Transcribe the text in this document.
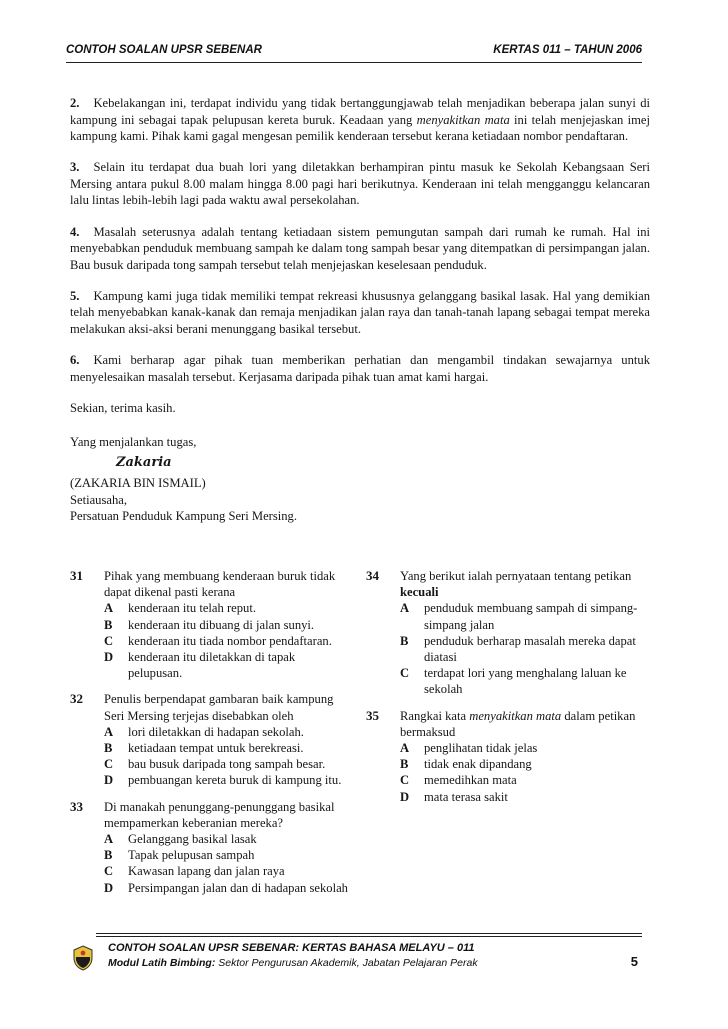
CONTOH SOALAN UPSR SEBENAR	KERTAS 011 – TAHUN 2006

2. Kebelakangan ini, terdapat individu yang tidak bertanggungjawab telah menjadikan beberapa jalan sunyi di kampung ini sebagai tapak pelupusan kereta buruk. Keadaan yang menyakitkan mata ini telah menjejaskan imej kampung kami. Pihak kami gagal mengesan pemilik kenderaan tersebut kerana ketiadaan nombor pendaftaran.

3. Selain itu terdapat dua buah lori yang diletakkan berhampiran pintu masuk ke Sekolah Kebangsaan Seri Mersing antara pukul 8.00 malam hingga 8.00 pagi hari berikutnya. Kenderaan ini telah mengganggu kelancaran lalu lintas lebih-lebih lagi pada waktu awal persekolahan.

4. Masalah seterusnya adalah tentang ketiadaan sistem pemungutan sampah dari rumah ke rumah. Hal ini menyebabkan penduduk membuang sampah ke dalam tong sampah besar yang ditempatkan di persimpangan jalan. Bau busuk daripada tong sampah tersebut telah menjejaskan keselesaan penduduk.

5. Kampung kami juga tidak memiliki tempat rekreasi khususnya gelanggang basikal lasak. Hal yang demikian telah menyebabkan kanak-kanak dan remaja menjadikan jalan raya dan tanah-tanah lapang sebagai tempat mereka melakukan aksi-aksi berani menunggang basikal tersebut.

6. Kami berharap agar pihak tuan memberikan perhatian dan mengambil tindakan sewajarnya untuk menyelesaikan masalah tersebut. Kerjasama daripada pihak tuan amat kami hargai.

Sekian, terima kasih.

Yang menjalankan tugas,

Zakaria

(ZAKARIA BIN ISMAIL)

Setiausaha,

Persatuan Penduduk Kampung Seri Mersing.

31 Pihak yang membuang kenderaan buruk tidak dapat dikenal pasti kerana
A kenderaan itu telah reput.
B kenderaan itu dibuang di jalan sunyi.
C kenderaan itu tiada nombor pendaftaran.
D kenderaan itu diletakkan di tapak pelupusan.
32 Penulis berpendapat gambaran baik kampung Seri Mersing terjejas disebabkan oleh
A lori diletakkan di hadapan sekolah.
B ketiadaan tempat untuk berekreasi.
C bau busuk daripada tong sampah besar.
D pembuangan kereta buruk di kampung itu.
33 Di manakah penunggang-penunggang basikal mempamerkan keberanian mereka?
A Gelanggang basikal lasak
B Tapak pelupusan sampah
C Kawasan lapang dan jalan raya
D Persimpangan jalan dan di hadapan sekolah
34 Yang berikut ialah pernyataan tentang petikan
kecuali
A penduduk membuang sampah di simpang-simpang jalan
B penduduk berharap masalah mereka dapat diatasi
C terdapat lori yang menghalang laluan ke sekolah
35 Rangkai kata menyakitkan mata dalam petikan bermaksud
A penglihatan tidak jelas
B tidak enak dipandang
C memedihkan mata
D mata terasa sakit
CONTOH SOALAN UPSR SEBENAR: KERTAS BAHASA MELAYU – 011
Modul Latih Bimbing: Sektor Pengurusan Akademik, Jabatan Pelajaran Perak	5
